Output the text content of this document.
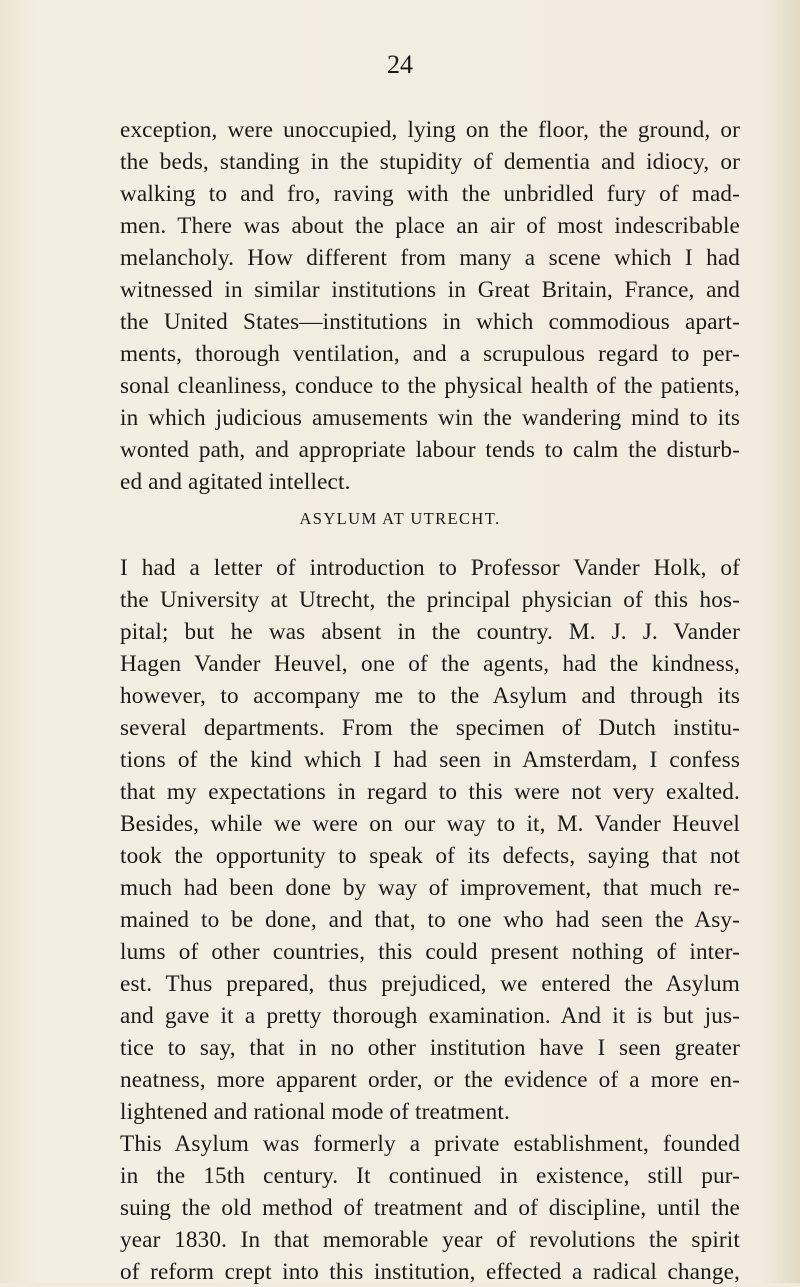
24
exception, were unoccupied, lying on the floor, the ground, or
the beds, standing in the stupidity of dementia and idiocy, or
walking to and fro, raving with the unbridled fury of mad-
men. There was about the place an air of most indescribable
melancholy. How different from many a scene which I had
witnessed in similar institutions in Great Britain, France, and
the United States—institutions in which commodious apart-
ments, thorough ventilation, and a scrupulous regard to per-
sonal cleanliness, conduce to the physical health of the patients,
in which judicious amusements win the wandering mind to its
wonted path, and appropriate labour tends to calm the disturb-
ed and agitated intellect.
ASYLUM AT UTRECHT.
I had a letter of introduction to Professor Vander Holk, of
the University at Utrecht, the principal physician of this hos-
pital; but he was absent in the country. M. J. J. Vander
Hagen Vander Heuvel, one of the agents, had the kindness,
however, to accompany me to the Asylum and through its
several departments. From the specimen of Dutch institu-
tions of the kind which I had seen in Amsterdam, I confess
that my expectations in regard to this were not very exalted.
Besides, while we were on our way to it, M. Vander Heuvel
took the opportunity to speak of its defects, saying that not
much had been done by way of improvement, that much re-
mained to be done, and that, to one who had seen the Asy-
lums of other countries, this could present nothing of inter-
est. Thus prepared, thus prejudiced, we entered the Asylum
and gave it a pretty thorough examination. And it is but jus-
tice to say, that in no other institution have I seen greater
neatness, more apparent order, or the evidence of a more en-
lightened and rational mode of treatment.
This Asylum was formerly a private establishment, founded
in the 15th century. It continued in existence, still pur-
suing the old method of treatment and of discipline, until the
year 1830. In that memorable year of revolutions the spirit
of reform crept into this institution, effected a radical change,
